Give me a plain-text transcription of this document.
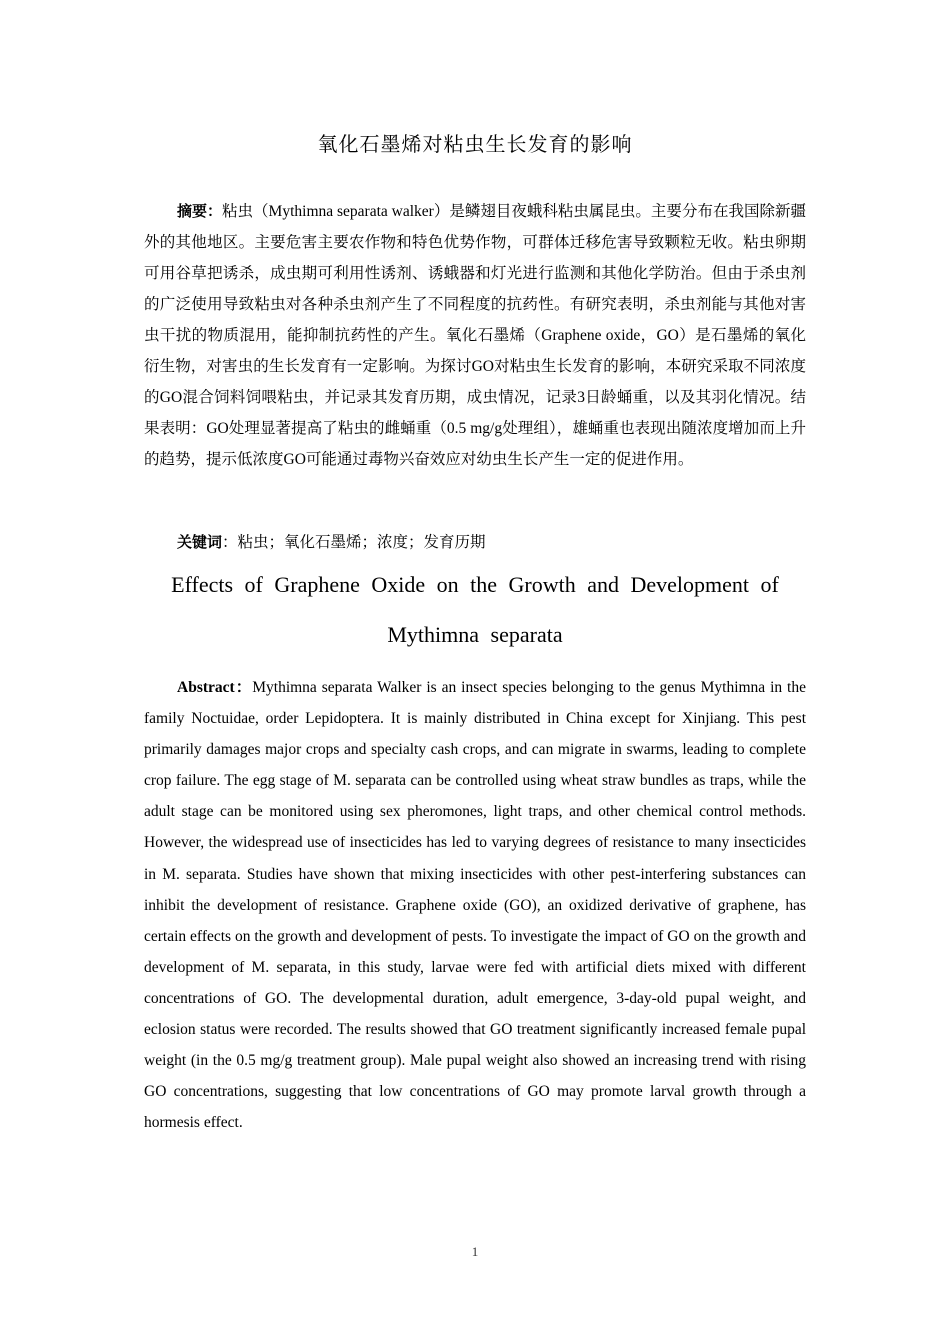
氧化石墨烯对粘虫生长发育的影响
摘要：粘虫（Mythimna separata walker）是鳞翅目夜蛾科粘虫属昆虫。主要分布在我国除新疆外的其他地区。主要危害主要农作物和特色优势作物，可群体迁移危害导致颗粒无收。粘虫卵期可用谷草把诱杀，成虫期可利用性诱剂、诱蛾器和灯光进行监测和其他化学防治。但由于杀虫剂的广泛使用导致粘虫对各种杀虫剂产生了不同程度的抗药性。有研究表明，杀虫剂能与其他对害虫干扰的物质混用，能抑制抗药性的产生。氧化石墨烯（Graphene oxide，GO）是石墨烯的氧化衍生物，对害虫的生长发育有一定影响。为探讨GO对粘虫生长发育的影响，本研究采取不同浓度的GO混合饲料饲喂粘虫，并记录其发育历期，成虫情况，记录3日龄蛹重，以及其羽化情况。结果表明：GO处理显著提高了粘虫的雌蛹重（0.5 mg/g处理组），雄蛹重也表现出随浓度增加而上升的趋势，提示低浓度GO可能通过毒物兴奋效应对幼虫生长产生一定的促进作用。
关键词：粘虫；氧化石墨烯；浓度；发育历期
Effects of Graphene Oxide on the Growth and Development of
Mythimna separata
Abstract：Mythimna separata Walker is an insect species belonging to the genus Mythimna in the family Noctuidae, order Lepidoptera. It is mainly distributed in China except for Xinjiang. This pest primarily damages major crops and specialty cash crops, and can migrate in swarms, leading to complete crop failure. The egg stage of M. separata can be controlled using wheat straw bundles as traps, while the adult stage can be monitored using sex pheromones, light traps, and other chemical control methods. However, the widespread use of insecticides has led to varying degrees of resistance to many insecticides in M. separata. Studies have shown that mixing insecticides with other pest-interfering substances can inhibit the development of resistance. Graphene oxide (GO), an oxidized derivative of graphene, has certain effects on the growth and development of pests. To investigate the impact of GO on the growth and development of M. separata, in this study, larvae were fed with artificial diets mixed with different concentrations of GO. The developmental duration, adult emergence, 3-day-old pupal weight, and eclosion status were recorded. The results showed that GO treatment significantly increased female pupal weight (in the 0.5 mg/g treatment group). Male pupal weight also showed an increasing trend with rising GO concentrations, suggesting that low concentrations of GO may promote larval growth through a hormesis effect.
1
